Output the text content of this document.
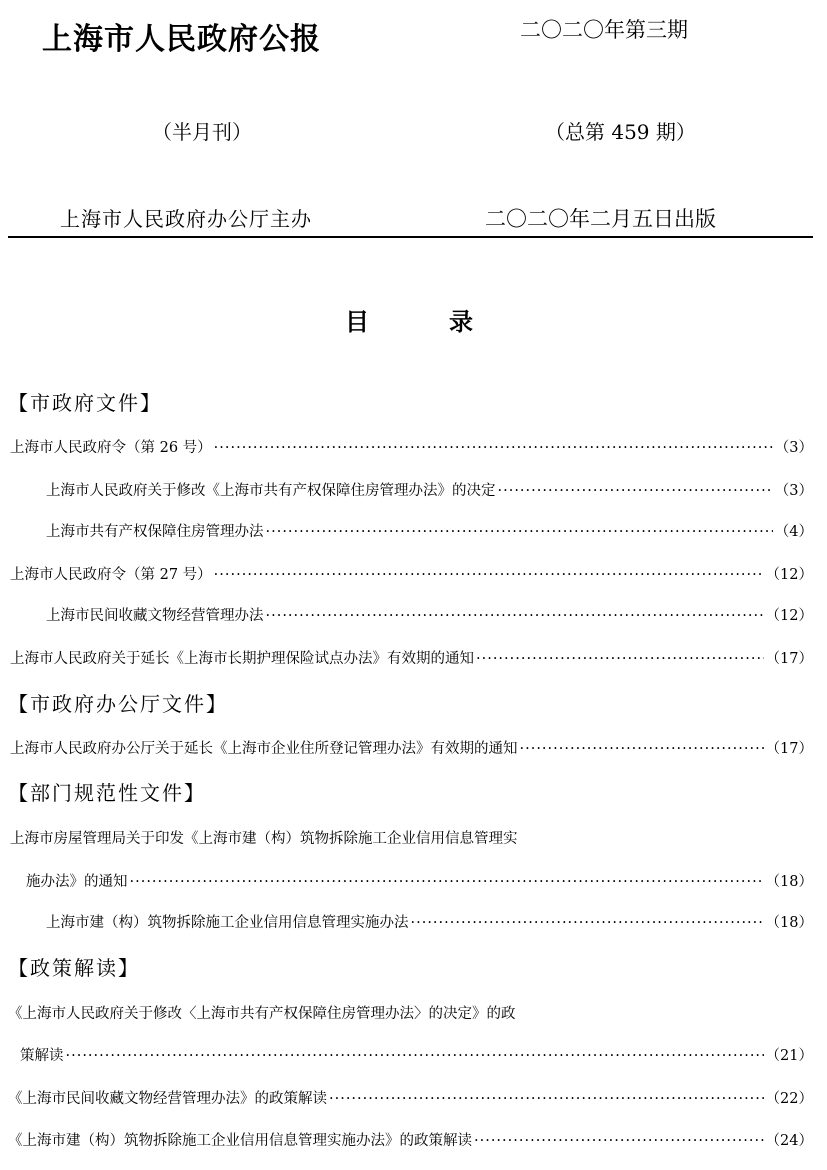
上海市人民政府公报	二〇二〇年第三期
（半月刊）	（总第 459 期）
上海市人民政府办公厅主办	二〇二〇年二月五日出版
目	录
【市政府文件】
上海市人民政府令（第 26 号） ·····	（3）
上海市人民政府关于修改《上海市共有产权保障住房管理办法》的决定 ·····	（3）
上海市共有产权保障住房管理办法 ·····	（4）
上海市人民政府令（第 27 号） ·····	（12）
上海市民间收藏文物经营管理办法 ·····	（12）
上海市人民政府关于延长《上海市长期护理保险试点办法》有效期的通知 ·····	（17）
【市政府办公厅文件】
上海市人民政府办公厅关于延长《上海市企业住所登记管理办法》有效期的通知 ·····	（17）
【部门规范性文件】
上海市房屋管理局关于印发《上海市建（构）筑物拆除施工企业信用信息管理实
施办法》的通知 ·····	（18）
上海市建（构）筑物拆除施工企业信用信息管理实施办法 ·····	（18）
【政策解读】
《上海市人民政府关于修改〈上海市共有产权保障住房管理办法〉的决定》的政
策解读 ·····	（21）
《上海市民间收藏文物经营管理办法》的政策解读 ·····	（22）
《上海市建（构）筑物拆除施工企业信用信息管理实施办法》的政策解读 ·····	（24）
